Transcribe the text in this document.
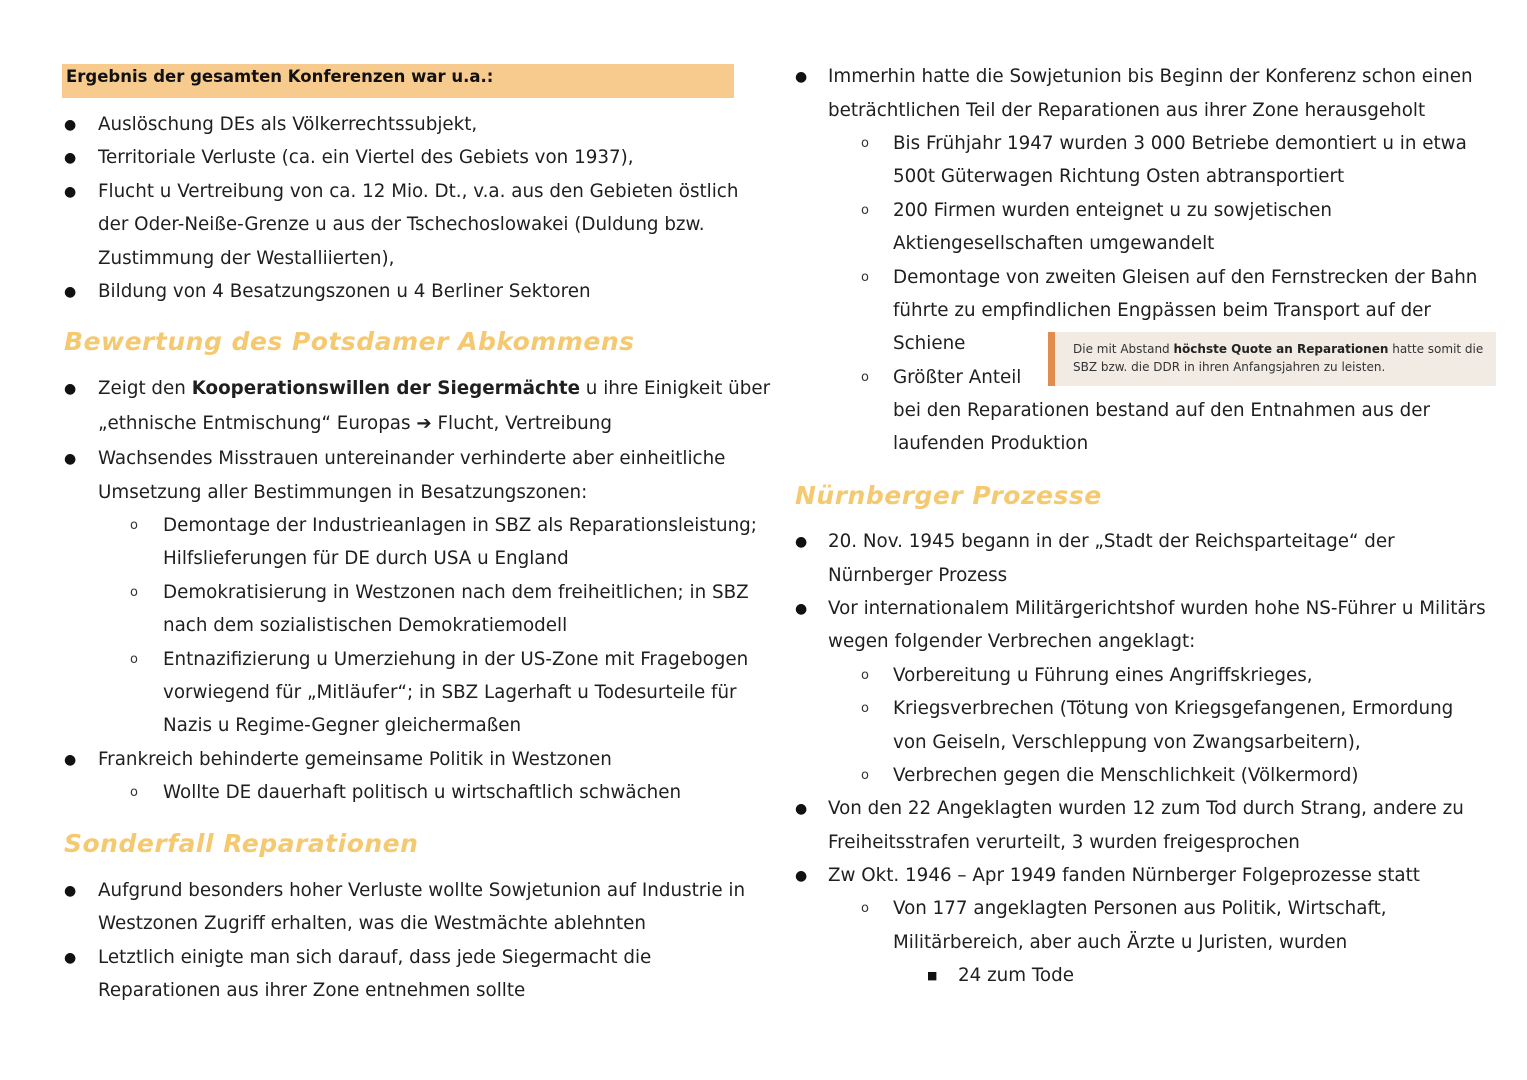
Ergebnis der gesamten Konferenzen war u.a.:
● Auslöschung DEs als Völkerrechtssubjekt,
● Territoriale Verluste (ca. ein Viertel des Gebiets von 1937),
● Flucht u Vertreibung von ca. 12 Mio. Dt., v.a. aus den Gebieten östlich
der Oder-Neiße-Grenze u aus der Tschechoslowakei (Duldung bzw.
Zustimmung der Westalliierten),
● Bildung von 4 Besatzungszonen u 4 Berliner Sektoren
Bewertung des Potsdamer Abkommens
● Zeigt den Kooperationswillen der Siegermächte u ihre Einigkeit über
„ethnische Entmischung“ Europas ➔ Flucht, Vertreibung
● Wachsendes Misstrauen untereinander verhinderte aber einheitliche
Umsetzung aller Bestimmungen in Besatzungszonen:
o Demontage der Industrieanlagen in SBZ als Reparationsleistung;
Hilfslieferungen für DE durch USA u England
o Demokratisierung in Westzonen nach dem freiheitlichen; in SBZ
nach dem sozialistischen Demokratiemodell
o Entnazifizierung u Umerziehung in der US-Zone mit Fragebogen
vorwiegend für „Mitläufer“; in SBZ Lagerhaft u Todesurteile für
Nazis u Regime-Gegner gleichermaßen
● Frankreich behinderte gemeinsame Politik in Westzonen
o Wollte DE dauerhaft politisch u wirtschaftlich schwächen
Sonderfall Reparationen
● Aufgrund besonders hoher Verluste wollte Sowjetunion auf Industrie in
Westzonen Zugriff erhalten, was die Westmächte ablehnten
● Letztlich einigte man sich darauf, dass jede Siegermacht die
Reparationen aus ihrer Zone entnehmen sollte
● Immerhin hatte die Sowjetunion bis Beginn der Konferenz schon einen
beträchtlichen Teil der Reparationen aus ihrer Zone herausgeholt
o Bis Frühjahr 1947 wurden 3 000 Betriebe demontiert u in etwa
500t Güterwagen Richtung Osten abtransportiert
o 200 Firmen wurden enteignet u zu sowjetischen
Aktiengesellschaften umgewandelt
o Demontage von zweiten Gleisen auf den Fernstrecken der Bahn
führte zu empfindlichen Engpässen beim Transport auf der
Schiene	Die mit Abstand höchste Quote an Reparationen hatte somit die
SBZ bzw. die DDR in ihren Anfangsjahren zu leisten.
o Größter Anteil
bei den Reparationen bestand auf den Entnahmen aus der
laufenden Produktion
Nürnberger Prozesse
● 20. Nov. 1945 begann in der „Stadt der Reichsparteitage“ der
Nürnberger Prozess
● Vor internationalem Militärgerichtshof wurden hohe NS-Führer u Militärs
wegen folgender Verbrechen angeklagt:
o Vorbereitung u Führung eines Angriffskrieges,
o Kriegsverbrechen (Tötung von Kriegsgefangenen, Ermordung
von Geiseln, Verschleppung von Zwangsarbeitern),
o Verbrechen gegen die Menschlichkeit (Völkermord)
● Von den 22 Angeklagten wurden 12 zum Tod durch Strang, andere zu
Freiheitsstrafen verurteilt, 3 wurden freigesprochen
● Zw Okt. 1946 – Apr 1949 fanden Nürnberger Folgeprozesse statt
o Von 177 angeklagten Personen aus Politik, Wirtschaft,
Militärbereich, aber auch Ärzte u Juristen, wurden
■ 24 zum Tode
